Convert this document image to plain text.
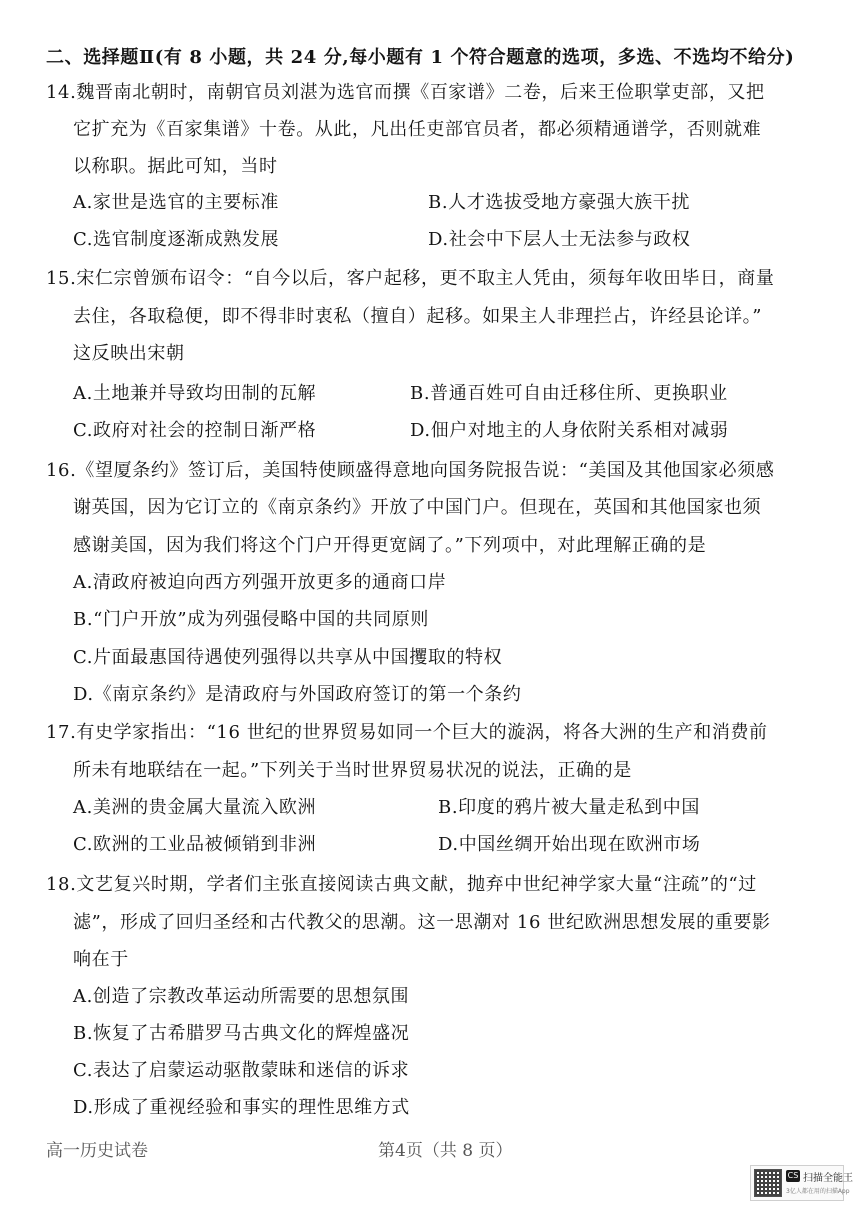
二、选择题Ⅱ(有 8 小题，共 24 分,每小题有 1 个符合题意的选项，多选、不选均不给分)
14.魏晋南北朝时，南朝官员刘湛为选官而撰《百家谱》二卷，后来王俭职掌吏部，又把
它扩充为《百家集谱》十卷。从此，凡出任吏部官员者，都必须精通谱学，否则就难
以称职。据此可知，当时
A.家世是选官的主要标准	B.人才选拔受地方豪强大族干扰
C.选官制度逐渐成熟发展	D.社会中下层人士无法参与政权
15.宋仁宗曾颁布诏令：“自今以后，客户起移，更不取主人凭由，须每年收田毕日，商量
去住，各取稳便，即不得非时衷私（擅自）起移。如果主人非理拦占，许经县论详。”
这反映出宋朝
A.土地兼并导致均田制的瓦解	B.普通百姓可自由迁移住所、更换职业
C.政府对社会的控制日渐严格	D.佃户对地主的人身依附关系相对减弱
16.《望厦条约》签订后，美国特使顾盛得意地向国务院报告说：“美国及其他国家必须感
谢英国，因为它订立的《南京条约》开放了中国门户。但现在，英国和其他国家也须
感谢美国，因为我们将这个门户开得更宽阔了。”下列项中，对此理解正确的是
A.清政府被迫向西方列强开放更多的通商口岸
B.“门户开放”成为列强侵略中国的共同原则
C.片面最惠国待遇使列强得以共享从中国攫取的特权
D.《南京条约》是清政府与外国政府签订的第一个条约
17.有史学家指出：“16 世纪的世界贸易如同一个巨大的漩涡，将各大洲的生产和消费前
所未有地联结在一起。”下列关于当时世界贸易状况的说法，正确的是
A.美洲的贵金属大量流入欧洲	B.印度的鸦片被大量走私到中国
C.欧洲的工业品被倾销到非洲	D.中国丝绸开始出现在欧洲市场
18.文艺复兴时期，学者们主张直接阅读古典文献，抛弃中世纪神学家大量“注疏”的“过
滤”，形成了回归圣经和古代教父的思潮。这一思潮对 16 世纪欧洲思想发展的重要影
响在于
A.创造了宗教改革运动所需要的思想氛围
B.恢复了古希腊罗马古典文化的辉煌盛况
C.表达了启蒙运动驱散蒙昧和迷信的诉求
D.形成了重视经验和事实的理性思维方式
高一历史试卷	第4页（共 8 页）
CS 扫描全能王
3亿人都在用的扫描App
